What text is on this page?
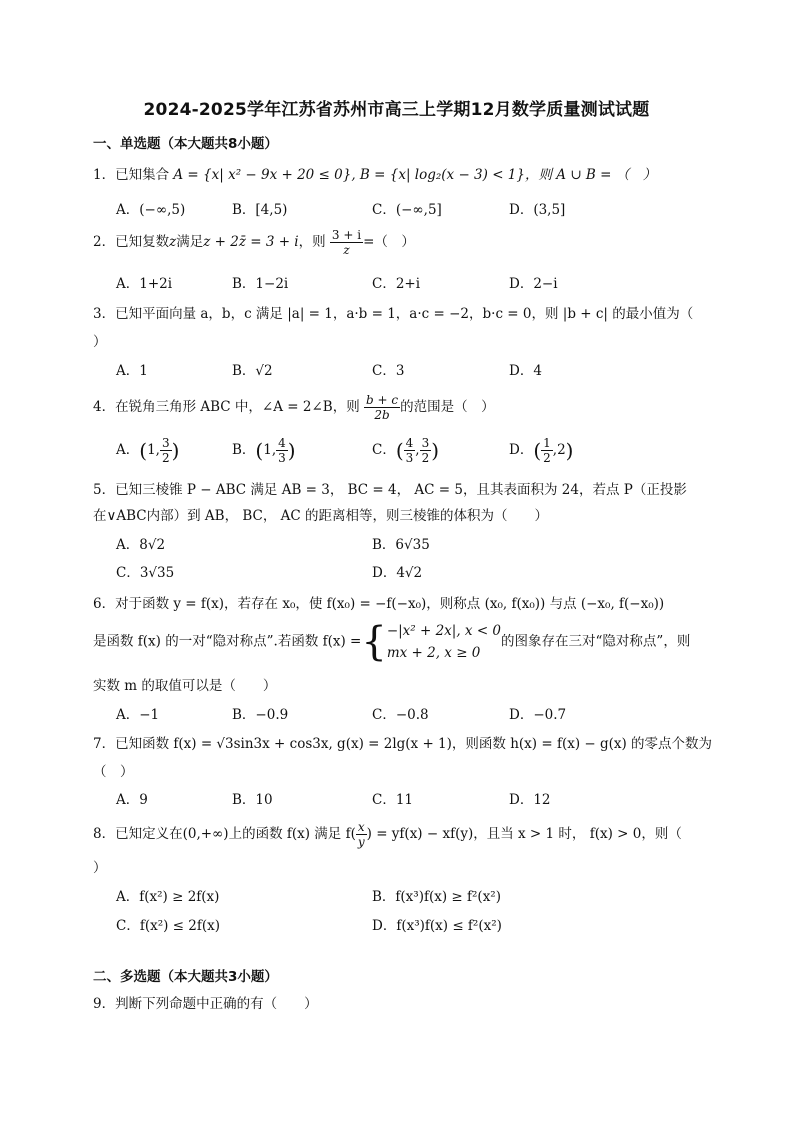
2024-2025学年江苏省苏州市高三上学期12月数学质量测试试题
一、单选题（本大题共8小题）
1．已知集合 A = {x| x² − 9x + 20 ≤ 0}, B = {x| log₂(x − 3) < 1}，则 A ∪ B = （　）
A．(−∞,5)	B．[4,5)	C．(−∞,5]	D．(3,5]
2．已知复数z满足z + 2z̄ = 3 + i，则 $\frac{3 + i}{z}$ =（　）
A．1+2i	B．1−2i	C．2+i	D．2−i
3．已知平面向量 a，b，c 满足 |a| = 1，a·b = 1，a·c = −2，b·c = 0，则 |b + c| 的最小值为（
）
A．1	B．√2	C．3	D．4
4．在锐角三角形 ABC 中，∠A = 2∠B，则 $\frac{b + c}{2b}$ 的范围是（　）
A．(1, $\frac{3}{2}$ )	B．(1, $\frac{4}{3}$ )	C．( $\frac{4}{3}$ , $\frac{3}{2}$ )	D．( $\frac{1}{2} ,2$)
5．已知三棱锥 P − ABC 满足 AB = 3， BC = 4， AC = 5，且其表面积为 24，若点 P（正投影
在∨ABC内部）到 AB， BC， AC 的距离相等，则三棱锥的体积为（　　）
A．8√2	B．6√35
C．3√35	D．4√2
6．对于函数 y = f(x)，若存在 x₀，使 f(x₀) = −f(−x₀)，则称点 (x₀, f(x₀)) 与点 (−x₀, f(−x₀))
是函数 f(x) 的一对“隐对称点”.若函数 f(x) ={ −|x² + 2x|, x < 0
mx + 2, x ≥ 0
的图象存在三对“隐对称点”，则
实数 m 的取值可以是（　　）
A．−1	B．−0.9	C．−0.8	D．−0.7
7．已知函数 f(x) = √3sin3x + cos3x, g(x) = 2lg(x + 1)，则函数 h(x) = f(x) − g(x) 的零点个数为
（　）
A．9	B．10	C．11	D．12
8．已知定义在(0,+∞)上的函数 f(x) 满足 $f( \frac{x}{y}$ ) = yf(x) − xf(y)，且当 x > 1 时， f(x) > 0，则（
）
A．f(x²) ≥ 2f(x)	B．f(x³)f(x) ≥ f²(x²)
C．f(x²) ≤ 2f(x)	D．f(x³)f(x) ≤ f²(x²)
二、多选题（本大题共3小题）
9．判断下列命题中正确的有（　　）
